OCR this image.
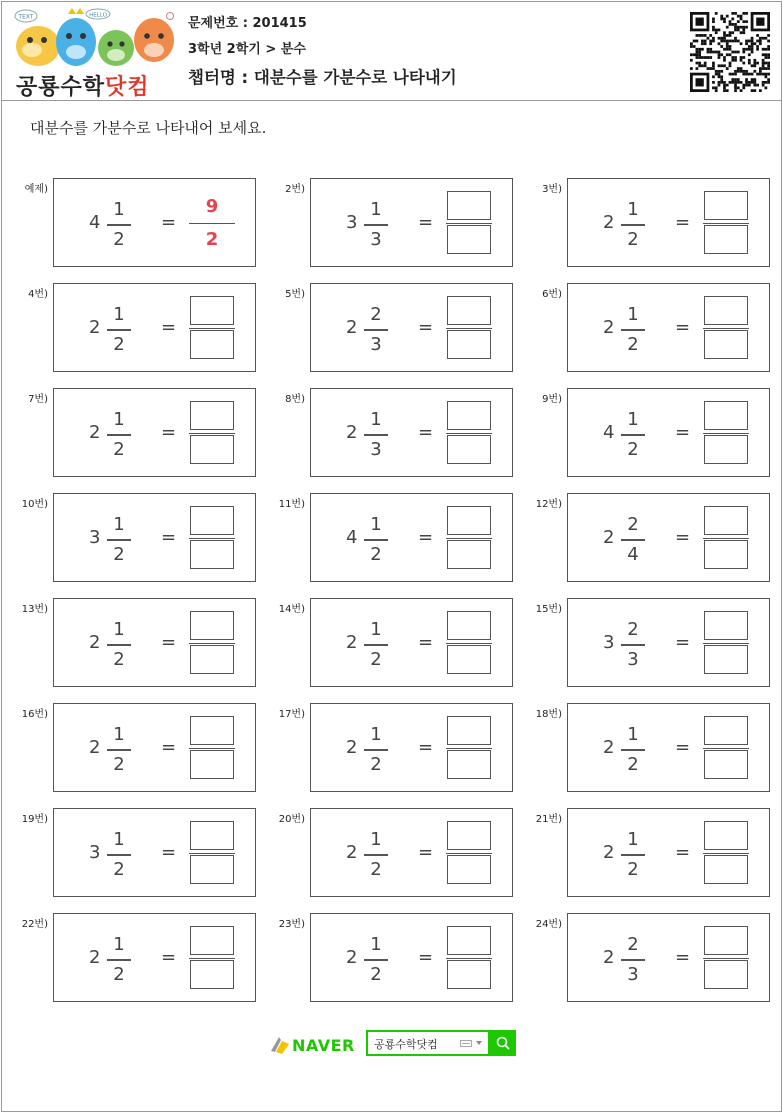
TEXT	HELLO
공룡수학닷컴
문제번호 : 201415
3학년 2학기 > 분수
챕터명 : 대분수를 가분수로 나타내기
대분수를 가분수로 나타내어 보세요.
예제)
4
1
2
=
9
2
2번)
3
1
3
=
3번)
2
1
2
=
4번)
2
1
2
=
5번)
2
2
3
=
6번)
2
1
2
=
7번)
2
1
2
=
8번)
2
1
3
=
9번)
4
1
2
=
10번)
3
1
2
=
11번)
4
1
2
=
12번)
2
2
4
=
13번)
2
1
2
=
14번)
2
1
2
=
15번)
3
2
3
=
16번)
2
1
2
=
17번)
2
1
2
=
18번)
2
1
2
=
19번)
3
1
2
=
20번)
2
1
2
=
21번)
2
1
2
=
22번)
2
1
2
=
23번)
2
1
2
=
24번)
2
2
3
=
NAVER 공룡수학닷컴
